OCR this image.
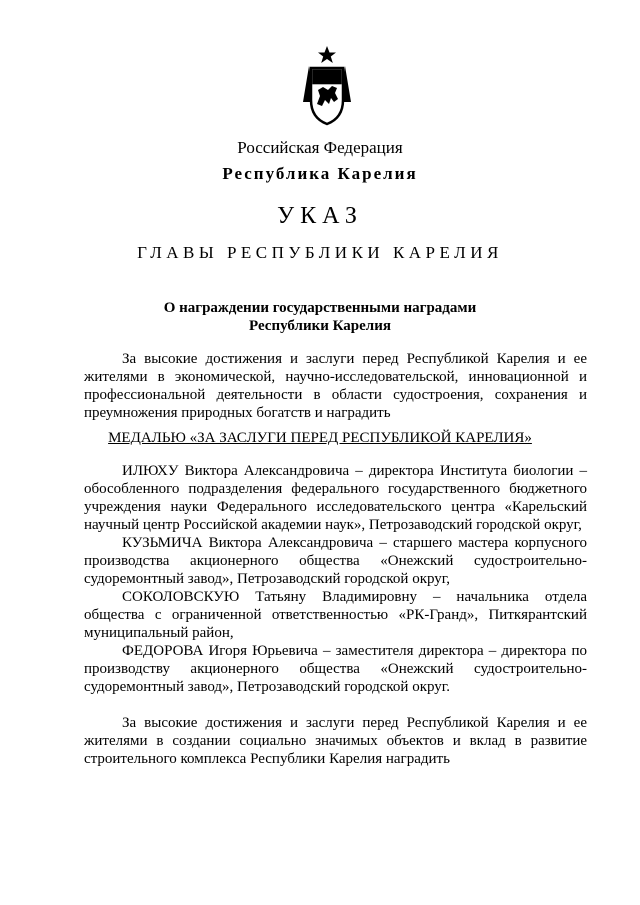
Российская Федерация
Республика Карелия
УКАЗ
ГЛАВЫ РЕСПУБЛИКИ КАРЕЛИЯ
О награждении государственными наградами
Республики Карелия

За высокие достижения и заслуги перед Республикой Карелия и ее жителями в экономической, научно-исследовательской, инновационной и профессиональной деятельности в области судостроения, сохранения и преумножения природных богатств и наградить

МЕДАЛЬЮ «ЗА ЗАСЛУГИ ПЕРЕД РЕСПУБЛИКОЙ КАРЕЛИЯ»

ИЛЮХУ Виктора Александровича – директора Института биологии – обособленного подразделения федерального государственного бюджетного учреждения науки Федерального исследовательского центра «Карельский научный центр Российской академии наук», Петрозаводский городской округ,

КУЗЬМИЧА Виктора Александровича – старшего мастера корпусного производства акционерного общества «Онежский судостроительно-судоремонтный завод», Петрозаводский городской округ,

СОКОЛОВСКУЮ Татьяну Владимировну – начальника отдела общества с ограниченной ответственностью «РК-Гранд», Питкярантский муниципальный район,

ФЕДОРОВА Игоря Юрьевича – заместителя директора – директора по производству акционерного общества «Онежский судостроительно-судоремонтный завод», Петрозаводский городской округ.

За высокие достижения и заслуги перед Республикой Карелия и ее жителями в создании социально значимых объектов и вклад в развитие строительного комплекса Республики Карелия наградить
